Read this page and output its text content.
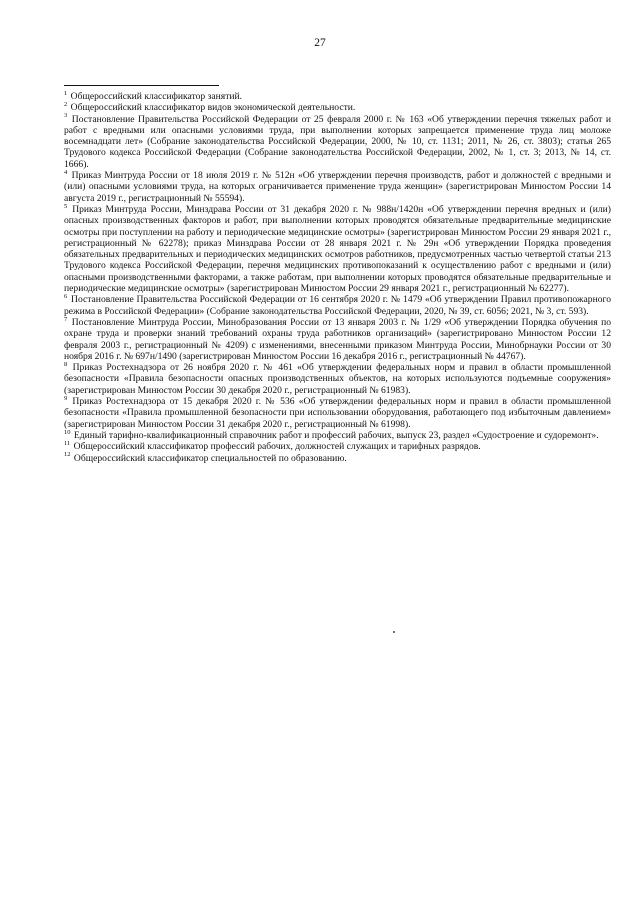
27

$^1$ Общероссийский классификатор занятий.

$^2$ Общероссийский классификатор видов экономической деятельности.

$^3$ Постановление Правительства Российской Федерации от 25 февраля 2000 г. № 163 «Об утверждении перечня тяжелых работ и работ с вредными или опасными условиями труда, при выполнении которых запрещается применение труда лиц моложе восемнадцати лет» (Собрание законодательства Российской Федерации, 2000, № 10, ст. 1131; 2011, № 26, ст. 3803); статья 265 Трудового кодекса Российской Федерации (Собрание законодательства Российской Федерации, 2002, № 1, ст. 3; 2013, № 14, ст. 1666).

$^4$ Приказ Минтруда России от 18 июля 2019 г. № 512н «Об утверждении перечня производств, работ и должностей с вредными и (или) опасными условиями труда, на которых ограничивается применение труда женщин» (зарегистрирован Минюстом России 14 августа 2019 г., регистрационный № 55594).

$^5$ Приказ Минтруда России, Минздрава России от 31 декабря 2020 г. № 988н/1420н «Об утверждении перечня вредных и (или) опасных производственных факторов и работ, при выполнении которых проводятся обязательные предварительные медицинские осмотры при поступлении на работу и периодические медицинские осмотры» (зарегистрирован Минюстом России 29 января 2021 г., регистрационный № 62278); приказ Минздрава России от 28 января 2021 г. № 29н «Об утверждении Порядка проведения обязательных предварительных и периодических медицинских осмотров работников, предусмотренных частью четвертой статьи 213 Трудового кодекса Российской Федерации, перечня медицинских противопоказаний к осуществлению работ с вредными и (или) опасными производственными факторами, а также работам, при выполнении которых проводятся обязательные предварительные и периодические медицинские осмотры» (зарегистрирован Минюстом России 29 января 2021 г., регистрационный № 62277).

$^6$ Постановление Правительства Российской Федерации от 16 сентября 2020 г. № 1479 «Об утверждении Правил противопожарного режима в Российской Федерации» (Собрание законодательства Российской Федерации, 2020, № 39, ст. 6056; 2021, № 3, ст. 593).

$^7$ Постановление Минтруда России, Минобразования России от 13 января 2003 г. № 1/29 «Об утверждении Порядка обучения по охране труда и проверки знаний требований охраны труда работников организаций» (зарегистрировано Минюстом России 12 февраля 2003 г., регистрационный № 4209) с изменениями, внесенными приказом Минтруда России, Минобрнауки России от 30 ноября 2016 г. № 697н/1490 (зарегистрирован Минюстом России 16 декабря 2016 г., регистрационный № 44767).

$^8$ Приказ Ростехнадзора от 26 ноября 2020 г. № 461 «Об утверждении федеральных норм и правил в области промышленной безопасности «Правила безопасности опасных производственных объектов, на которых используются подъемные сооружения» (зарегистрирован Минюстом России 30 декабря 2020 г., регистрационный № 61983).

$^9$ Приказ Ростехнадзора от 15 декабря 2020 г. № 536 «Об утверждении федеральных норм и правил в области промышленной безопасности «Правила промышленной безопасности при использовании оборудования, работающего под избыточным давлением» (зарегистрирован Минюстом России 31 декабря 2020 г., регистрационный № 61998).

$^{10}$ Единый тарифно-квалификационный справочник работ и профессий рабочих, выпуск 23, раздел «Судостроение и судоремонт».

$^{11}$ Общероссийский классификатор профессий рабочих, должностей служащих и тарифных разрядов.

$^{12}$ Общероссийский классификатор специальностей по образованию.
